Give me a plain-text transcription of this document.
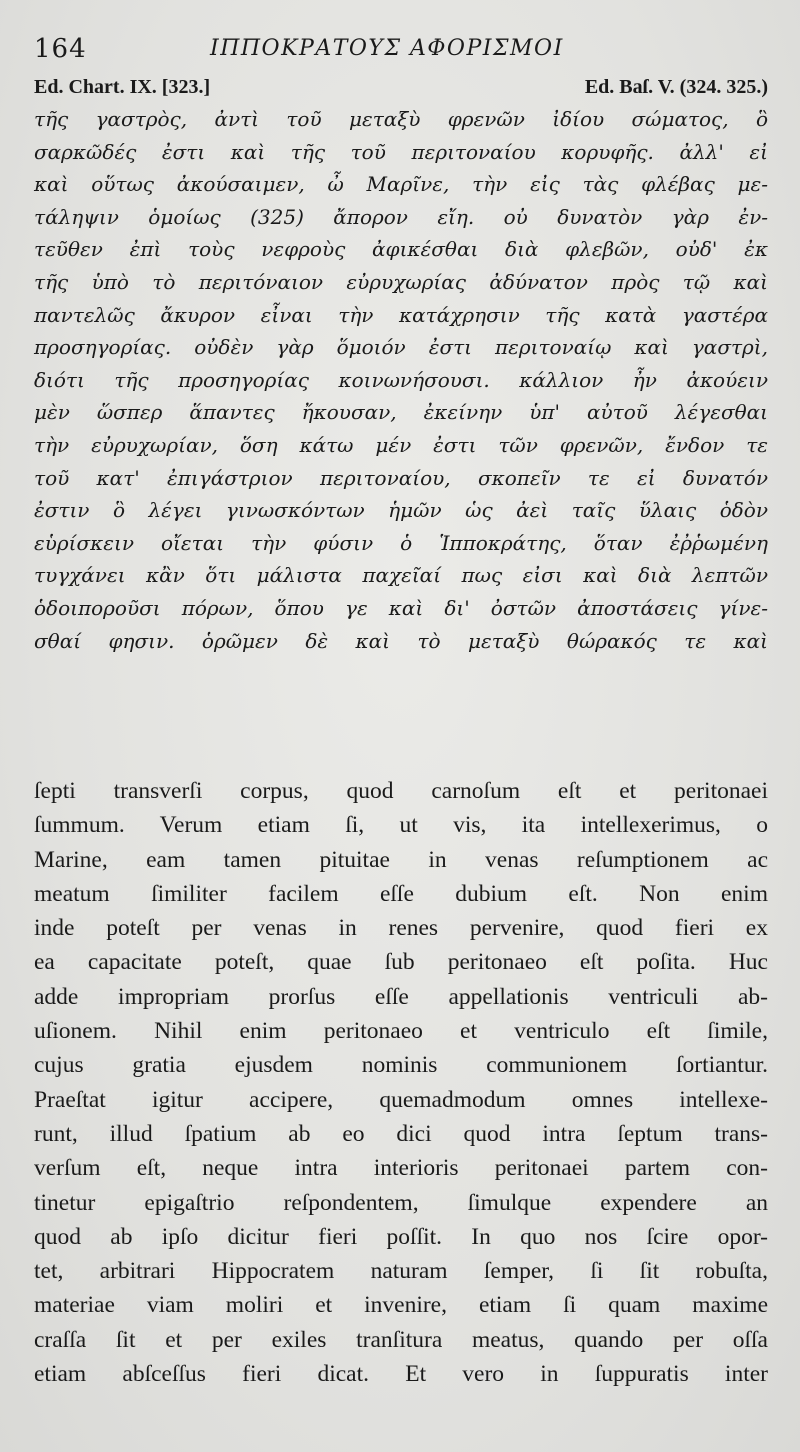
164	ΙΠΠΟΚΡΑΤΟΥΣ ΑΦΟΡΙΣΜΟΙ
Ed. Chart. IX. [323.]	Ed. Baſ. V. (324. 325.)
τῆς γαστρὸς, ἀντὶ τοῦ μεταξὺ φρενῶν ἰδίου σώματος, ὃ
σαρκῶδές ἐστι καὶ τῆς τοῦ περιτοναίου κορυφῆς. ἀλλ' εἰ
καὶ οὕτως ἀκούσαιμεν, ὦ Μαρῖνε, τὴν εἰς τὰς φλέβας με-
τάληψιν ὁμοίως (325) ἄπορον εἴη. οὐ δυνατὸν γὰρ ἐν-
τεῦθεν ἐπὶ τοὺς νεφροὺς ἀφικέσθαι διὰ φλεβῶν, οὐδ' ἐκ
τῆς ὑπὸ τὸ περιτόναιον εὐρυχωρίας ἀδύνατον πρὸς τῷ καὶ
παντελῶς ἄκυρον εἶναι τὴν κατάχρησιν τῆς κατὰ γαστέρα
προσηγορίας. οὐδὲν γὰρ ὅμοιόν ἐστι περιτοναίῳ καὶ γαστρὶ,
διότι τῆς προσηγορίας κοινωνήσουσι. κάλλιον ἦν ἀκούειν
μὲν ὥσπερ ἅπαντες ἤκουσαν, ἐκείνην ὑπ' αὐτοῦ λέγεσθαι
τὴν εὐρυχωρίαν, ὅση κάτω μέν ἐστι τῶν φρενῶν, ἔνδον τε
τοῦ κατ' ἐπιγάστριον περιτοναίου, σκοπεῖν τε εἰ δυνατόν
ἐστιν ὃ λέγει γινωσκόντων ἡμῶν ὡς ἀεὶ ταῖς ὕλαις ὁδὸν
εὑρίσκειν οἴεται τὴν φύσιν ὁ Ἱπποκράτης, ὅταν ἐῤῥωμένη
τυγχάνει κἂν ὅτι μάλιστα παχεῖαί πως εἰσι καὶ διὰ λεπτῶν
ὁδοιποροῦσι πόρων, ὅπου γε καὶ δι' ὀστῶν ἀποστάσεις γίνε-
σθαί φησιν. ὁρῶμεν δὲ καὶ τὸ μεταξὺ θώρακός τε καὶ
ſepti transverſi corpus, quod carnoſum eſt et peritonaei
ſummum. Verum etiam ſi, ut vis, ita intellexerimus, o
Marine, eam tamen pituitae in venas reſumptionem ac
meatum ſimiliter facilem eſſe dubium eſt. Non enim
inde poteſt per venas in renes pervenire, quod fieri ex
ea capacitate poteſt, quae ſub peritonaeo eſt poſita. Huc
adde impropriam prorſus eſſe appellationis ventriculi ab-
uſionem. Nihil enim peritonaeo et ventriculo eſt ſimile,
cujus gratia ejusdem nominis communionem ſortiantur.
Praeſtat igitur accipere, quemadmodum omnes intellexe-
runt, illud ſpatium ab eo dici quod intra ſeptum trans-
verſum eſt, neque intra interioris peritonaei partem con-
tinetur epigaſtrio reſpondentem, ſimulque expendere an
quod ab ipſo dicitur fieri poſſit. In quo nos ſcire opor-
tet, arbitrari Hippocratem naturam ſemper, ſi ſit robuſta,
materiae viam moliri et invenire, etiam ſi quam maxime
craſſa ſit et per exiles tranſitura meatus, quando per oſſa
etiam abſceſſus fieri dicat. Et vero in ſuppuratis inter
